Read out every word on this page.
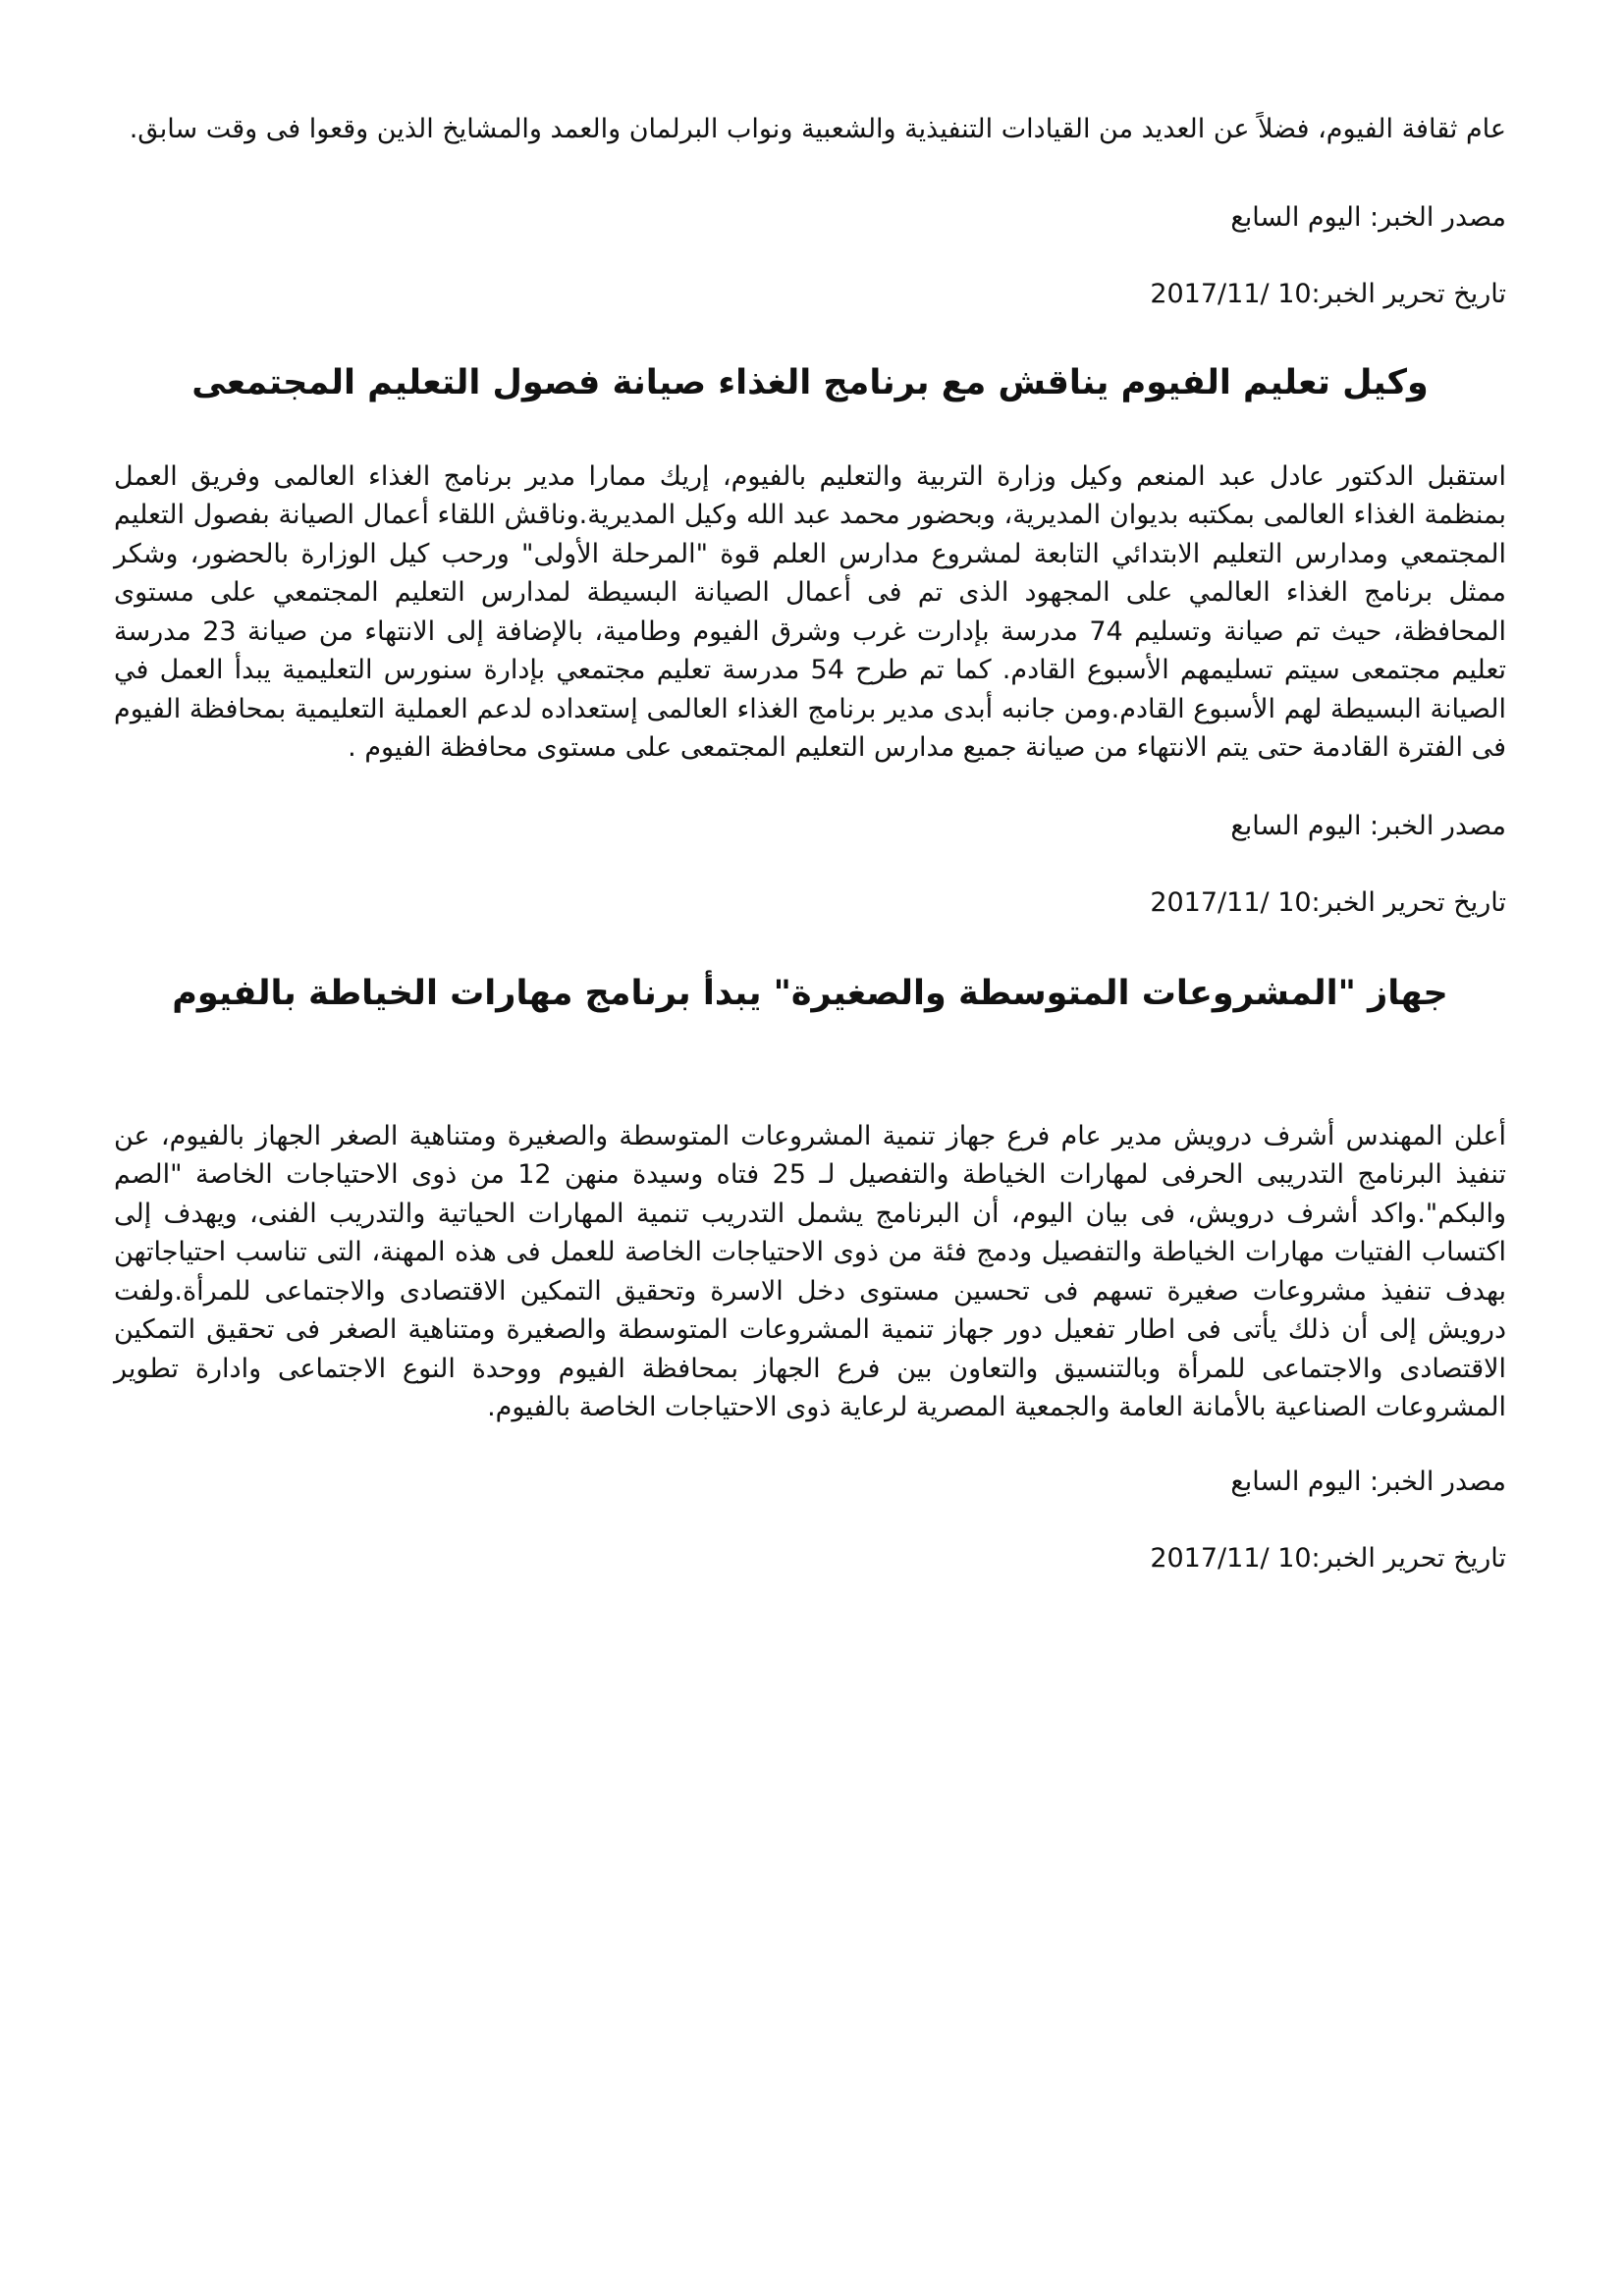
عام ثقافة الفيوم، فضلاً عن العديد من القيادات التنفيذية والشعبية ونواب البرلمان والعمد والمشايخ الذين وقعوا فى وقت سابق.

مصدر الخبر: اليوم السابع

تاريخ تحرير الخبر:10 /2017/11

وكيل تعليم الفيوم يناقش مع برنامج الغذاء صيانة فصول التعليم المجتمعى

استقبل الدكتور عادل عبد المنعم وكيل وزارة التربية والتعليم بالفيوم، إريك ممارا مدير برنامج الغذاء العالمى وفريق العمل بمنظمة الغذاء العالمى بمكتبه بديوان المديرية، وبحضور محمد عبد الله وكيل المديرية.وناقش اللقاء أعمال الصيانة بفصول التعليم المجتمعي ومدارس التعليم الابتدائي التابعة لمشروع مدارس العلم قوة "المرحلة الأولى" ورحب كيل الوزارة بالحضور، وشكر ممثل برنامج الغذاء العالمي على المجهود الذى تم فى أعمال الصيانة البسيطة لمدارس التعليم المجتمعي على مستوى المحافظة، حيث تم صيانة وتسليم 74 مدرسة بإدارت غرب وشرق الفيوم وطامية، بالإضافة إلى الانتهاء من صيانة 23 مدرسة تعليم مجتمعى سيتم تسليمهم الأسبوع القادم. كما تم طرح 54 مدرسة تعليم مجتمعي بإدارة سنورس التعليمية يبدأ العمل في الصيانة البسيطة لهم الأسبوع القادم.ومن جانبه أبدى مدير برنامج الغذاء العالمى إستعداده لدعم العملية التعليمية بمحافظة الفيوم فى الفترة القادمة حتى يتم الانتهاء من صيانة جميع مدارس التعليم المجتمعى على مستوى محافظة الفيوم .

مصدر الخبر: اليوم السابع

تاريخ تحرير الخبر:10 /2017/11

جهاز "المشروعات المتوسطة والصغيرة" يبدأ برنامج مهارات الخياطة بالفيوم

أعلن المهندس أشرف درويش مدير عام فرع جهاز تنمية المشروعات المتوسطة والصغيرة ومتناهية الصغر الجهاز بالفيوم، عن تنفيذ البرنامج التدريبى الحرفى لمهارات الخياطة والتفصيل لـ 25 فتاه وسيدة منهن 12 من ذوى الاحتياجات الخاصة "الصم والبكم".واكد أشرف درويش، فى بيان اليوم، أن البرنامج يشمل التدريب تنمية المهارات الحياتية والتدريب الفنى، ويهدف إلى اكتساب الفتيات مهارات الخياطة والتفصيل ودمج فئة من ذوى الاحتياجات الخاصة للعمل فى هذه المهنة، التى تناسب احتياجاتهن بهدف تنفيذ مشروعات صغيرة تسهم فى تحسين مستوى دخل الاسرة وتحقيق التمكين الاقتصادى والاجتماعى للمرأة.ولفت درويش إلى أن ذلك يأتى فى اطار تفعيل دور جهاز تنمية المشروعات المتوسطة والصغيرة ومتناهية الصغر فى تحقيق التمكين الاقتصادى والاجتماعى للمرأة وبالتنسيق والتعاون بين فرع الجهاز بمحافظة الفيوم ووحدة النوع الاجتماعى وادارة تطوير المشروعات الصناعية بالأمانة العامة والجمعية المصرية لرعاية ذوى الاحتياجات الخاصة بالفيوم.

مصدر الخبر: اليوم السابع

تاريخ تحرير الخبر:10 /2017/11
